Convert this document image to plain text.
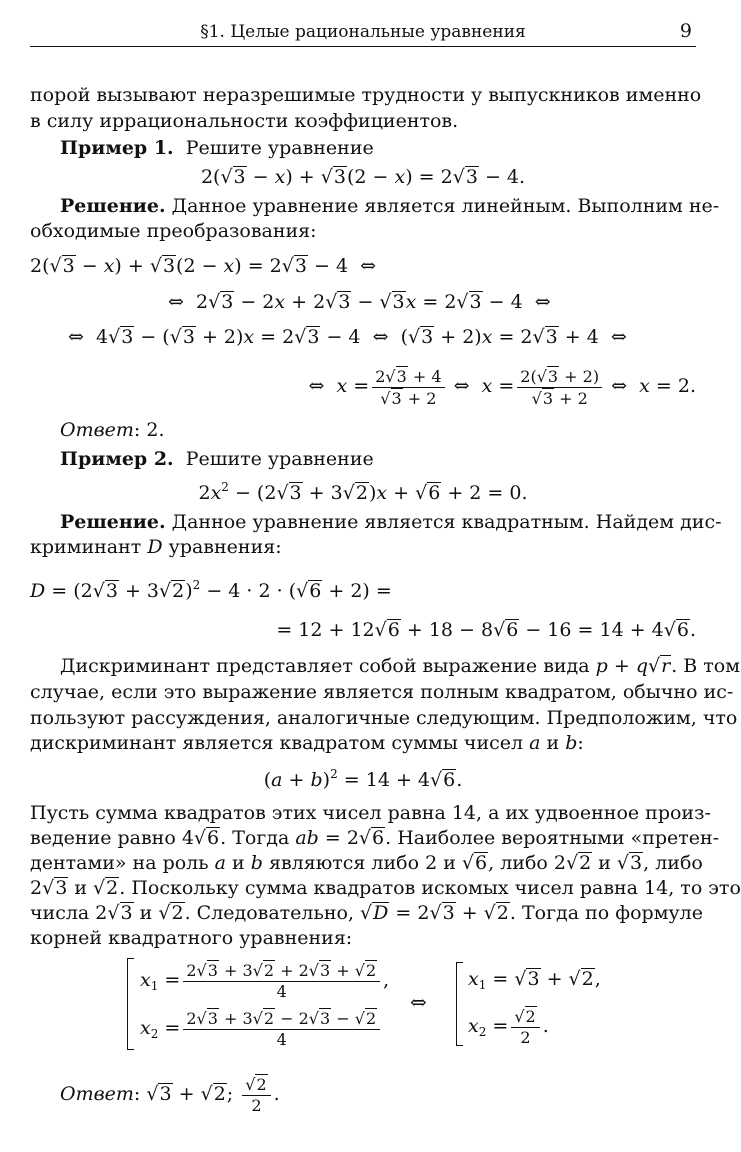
§1. Целые рациональные уравнения	9
порой вызывают неразрешимые трудности у выпускников именно
в силу иррациональности коэффициентов.
Пример 1. Решите уравнение
2(√3 − x) + √3(2 − x) = 2√3 − 4.
Решение. Данное уравнение является линейным. Выполним не-
обходимые преобразования:
2(√3 − x) + √3(2 − x) = 2√3 − 4  ⇔
⇔  2√3 − 2x + 2√3 − √3x = 2√3 − 4  ⇔
⇔  4√3 − (√3 + 2)x = 2√3 − 4  ⇔  (√3 + 2)x = 2√3 + 4  ⇔
⇔  $x = \frac{2√3 + 4}{√3 + 2}$ ⇔  $x = \frac{2(√3 + 2)}{√3 + 2}$ ⇔  x = 2.
Ответ: 2.
Пример 2. Решите уравнение
$2x^2 - (2√3 + 3√2)x + √6 + 2 = 0$.
Решение. Данное уравнение является квадратным. Найдем дис-
криминант D уравнения:
$D = (2√3 + 3√2)^2 - 4 \cdot 2 \cdot (√6 + 2)$ =
= 12 + 12√6 + 18 − 8√6 − 16 = 14 + 4√6.
Дискриминант представляет собой выражение вида p + q√r. В том
случае, если это выражение является полным квадратом, обычно ис-
пользуют рассуждения, аналогичные следующим. Предположим, что
дискриминант является квадратом суммы чисел a и b:
$(a + b)^2 = 14 + 4√6$.
Пусть сумма квадратов этих чисел равна 14, а их удвоенное произ-
ведение равно 4√6. Тогда ab = 2√6. Наиболее вероятными «претен-
дентами» на роль a и b являются либо 2 и √6, либо 2√2 и √3, либо
2√3 и √2. Поскольку сумма квадратов искомых чисел равна 14, то это
числа 2√3 и √2. Следовательно, √D = 2√3 + √2. Тогда по формуле
корней квадратного уравнения:
$x_1 = \frac{2√3 + 3√2 + 2√3 + √2}{4}$ ,
$x_2 = \frac{2√3 + 3√2 - 2√3 - √2}{4}$
⇔
$x_1 = √3 + √2$,
$x_2 = \frac{√2}{2}$ .
Ответ: √3 + √2; $\frac{√2}{2}$ .
